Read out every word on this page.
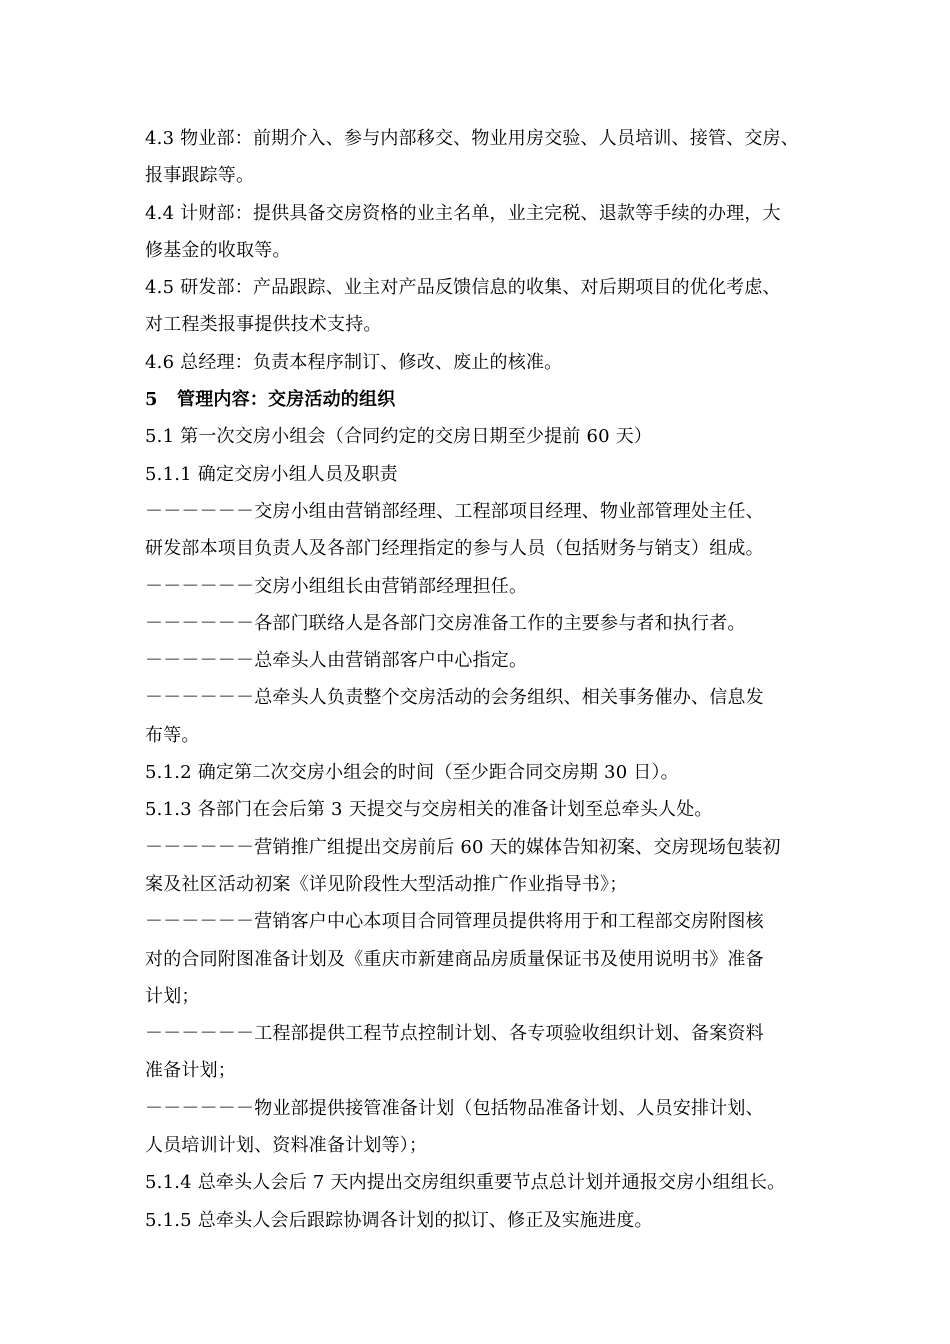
4.3 物业部：前期介入、参与内部移交、物业用房交验、人员培训、接管、交房、
报事跟踪等。
4.4 计财部：提供具备交房资格的业主名单，业主完税、退款等手续的办理，大
修基金的收取等。
4.5 研发部：产品跟踪、业主对产品反馈信息的收集、对后期项目的优化考虑、
对工程类报事提供技术支持。
4.6 总经理：负责本程序制订、修改、废止的核准。
5 管理内容：交房活动的组织
5.1 第一次交房小组会（合同约定的交房日期至少提前 60 天）
5.1.1 确定交房小组人员及职责
－－－－－－交房小组由营销部经理、工程部项目经理、物业部管理处主任、
研发部本项目负责人及各部门经理指定的参与人员（包括财务与销支）组成。
－－－－－－交房小组组长由营销部经理担任。
－－－－－－各部门联络人是各部门交房准备工作的主要参与者和执行者。
－－－－－－总牵头人由营销部客户中心指定。
－－－－－－总牵头人负责整个交房活动的会务组织、相关事务催办、信息发
布等。
5.1.2 确定第二次交房小组会的时间（至少距合同交房期 30 日）。
5.1.3 各部门在会后第 3 天提交与交房相关的准备计划至总牵头人处。
－－－－－－营销推广组提出交房前后 60 天的媒体告知初案、交房现场包装初
案及社区活动初案《详见阶段性大型活动推广作业指导书》；
－－－－－－营销客户中心本项目合同管理员提供将用于和工程部交房附图核
对的合同附图准备计划及《重庆市新建商品房质量保证书及使用说明书》准备
计划；
－－－－－－工程部提供工程节点控制计划、各专项验收组织计划、备案资料
准备计划；
－－－－－－物业部提供接管准备计划（包括物品准备计划、人员安排计划、
人员培训计划、资料准备计划等）；
5.1.4 总牵头人会后 7 天内提出交房组织重要节点总计划并通报交房小组组长。
5.1.5 总牵头人会后跟踪协调各计划的拟订、修正及实施进度。
